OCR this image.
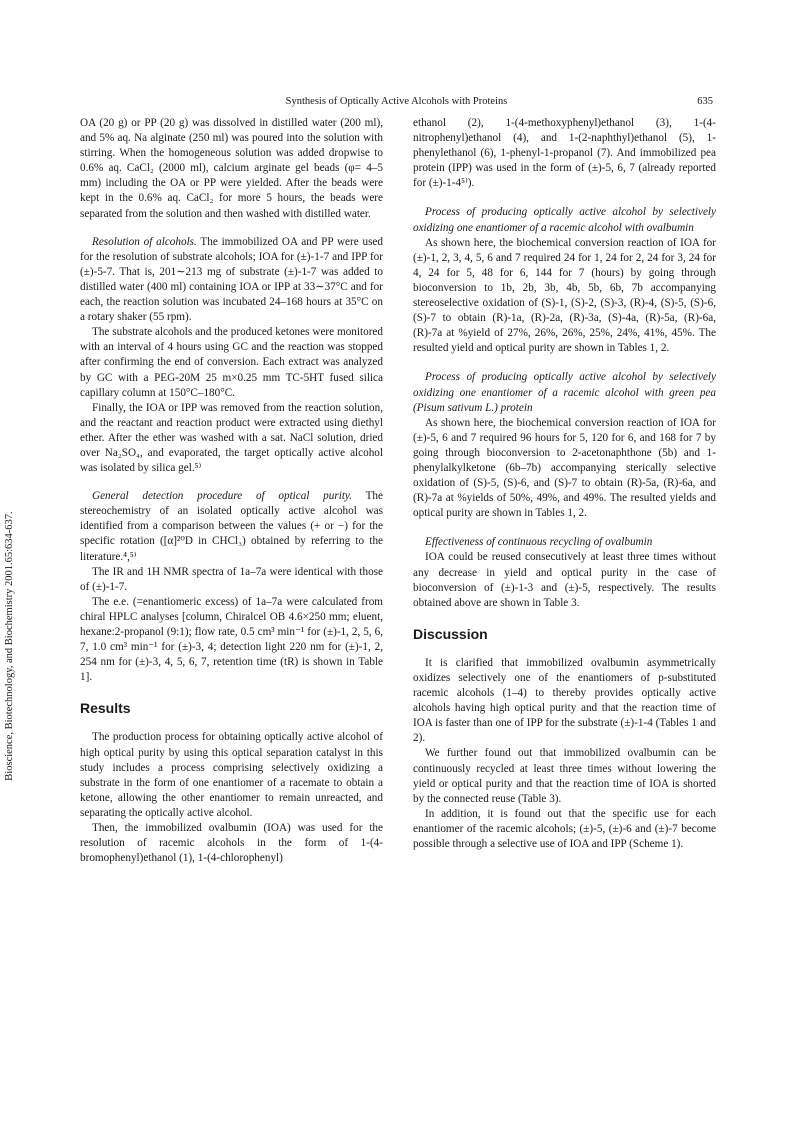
Synthesis of Optically Active Alcohols with Proteins	635
Bioscience, Biotechnology, and Biochemistry 2001.65:634-637.

OA (20 g) or PP (20 g) was dissolved in distilled water (200 ml), and 5% aq. Na alginate (250 ml) was poured into the solution with stirring. When the homogeneous solution was added dropwise to 0.6% aq. CaCl₂ (2000 ml), calcium arginate gel beads (φ= 4–5 mm) including the OA or PP were yielded. After the beads were kept in the 0.6% aq. CaCl₂ for more 5 hours, the beads were separated from the solution and then washed with distilled water.

Resolution of alcohols. The immobilized OA and PP were used for the resolution of substrate alcohols; IOA for (±)-1-7 and IPP for (±)-5-7. That is, 201∼213 mg of substrate (±)-1-7 was added to distilled water (400 ml) containing IOA or IPP at 33∼37°C and for each, the reaction solution was incubated 24–168 hours at 35°C on a rotary shaker (55 rpm).

The substrate alcohols and the produced ketones were monitored with an interval of 4 hours using GC and the reaction was stopped after confirming the end of conversion. Each extract was analyzed by GC with a PEG-20M 25 m×0.25 mm TC-5HT fused silica capillary column at 150°C–180°C.

Finally, the IOA or IPP was removed from the reaction solution, and the reactant and reaction product were extracted using diethyl ether. After the ether was washed with a sat. NaCl solution, dried over Na₂SO₄, and evaporated, the target optically active alcohol was isolated by silica gel.⁵⁾

General detection procedure of optical purity. The stereochemistry of an isolated optically active alcohol was identified from a comparison between the values (+ or −) for the specific rotation ([α]²⁰D in CHCl₃) obtained by referring to the literature.⁴,⁵⁾

The IR and 1H NMR spectra of 1a–7a were identical with those of (±)-1-7.

The e.e. (=enantiomeric excess) of 1a–7a were calculated from chiral HPLC analyses [column, Chiralcel OB 4.6×250 mm; eluent, hexane:2-propanol (9:1); flow rate, 0.5 cm³ min⁻¹ for (±)-1, 2, 5, 6, 7, 1.0 cm³ min⁻¹ for (±)-3, 4; detection light 220 nm for (±)-1, 2, 254 nm for (±)-3, 4, 5, 6, 7, retention time (tR) is shown in Table 1].

Results

The production process for obtaining optically active alcohol of high optical purity by using this optical separation catalyst in this study includes a process comprising selectively oxidizing a substrate in the form of one enantiomer of a racemate to obtain a ketone, allowing the other enantiomer to remain unreacted, and separating the optically active alcohol.

Then, the immobilized ovalbumin (IOA) was used for the resolution of racemic alcohols in the form of 1-(4-bromophenyl)ethanol (1), 1-(4-chlorophenyl)

ethanol (2), 1-(4-methoxyphenyl)ethanol (3), 1-(4-nitrophenyl)ethanol (4), and 1-(2-naphthyl)ethanol (5), 1-phenylethanol (6), 1-phenyl-1-propanol (7). And immobilized pea protein (IPP) was used in the form of (±)-5, 6, 7 (already reported for (±)-1-4⁵⁾).

Process of producing optically active alcohol by selectively oxidizing one enantiomer of a racemic alcohol with ovalbumin

As shown here, the biochemical conversion reaction of IOA for (±)-1, 2, 3, 4, 5, 6 and 7 required 24 for 1, 24 for 2, 24 for 3, 24 for 4, 24 for 5, 48 for 6, 144 for 7 (hours) by going through bioconversion to 1b, 2b, 3b, 4b, 5b, 6b, 7b accompanying stereoselective oxidation of (S)-1, (S)-2, (S)-3, (R)-4, (S)-5, (S)-6, (S)-7 to obtain (R)-1a, (R)-2a, (R)-3a, (S)-4a, (R)-5a, (R)-6a, (R)-7a at %yield of 27%, 26%, 26%, 25%, 24%, 41%, 45%. The resulted yield and optical purity are shown in Tables 1, 2.

Process of producing optically active alcohol by selectively oxidizing one enantiomer of a racemic alcohol with green pea (Pisum sativum L.) protein

As shown here, the biochemical conversion reaction of IOA for (±)-5, 6 and 7 required 96 hours for 5, 120 for 6, and 168 for 7 by going through bioconversion to 2-acetonaphthone (5b) and 1-phenylalkylketone (6b–7b) accompanying sterically selective oxidation of (S)-5, (S)-6, and (S)-7 to obtain (R)-5a, (R)-6a, and (R)-7a at %yields of 50%, 49%, and 49%. The resulted yields and optical purity are shown in Tables 1, 2.

Effectiveness of continuous recycling of ovalbumin

IOA could be reused consecutively at least three times without any decrease in yield and optical purity in the case of bioconversion of (±)-1-3 and (±)-5, respectively. The results obtained above are shown in Table 3.

Discussion

It is clarified that immobilized ovalbumin asymmetrically oxidizes selectively one of the enantiomers of p-substituted racemic alcohols (1–4) to thereby provides optically active alcohols having high optical purity and that the reaction time of IOA is faster than one of IPP for the substrate (±)-1-4 (Tables 1 and 2).

We further found out that immobilized ovalbumin can be continuously recycled at least three times without lowering the yield or optical purity and that the reaction time of IOA is shorted by the connected reuse (Table 3).

In addition, it is found out that the specific use for each enantiomer of the racemic alcohols; (±)-5, (±)-6 and (±)-7 become possible through a selective use of IOA and IPP (Scheme 1).
